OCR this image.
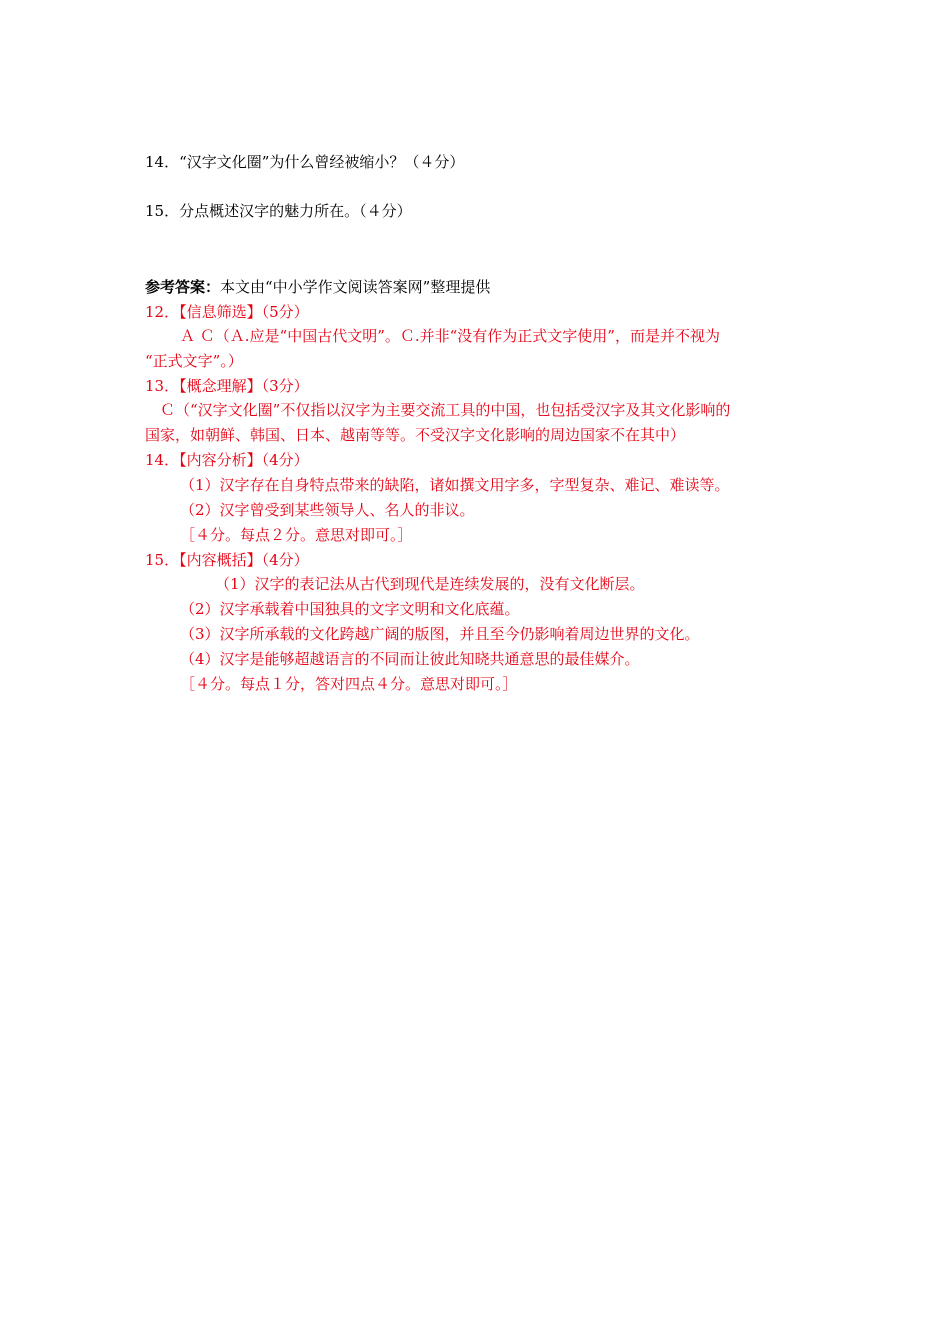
14．“汉字文化圈”为什么曾经被缩小？（４分）
15．分点概述汉字的魅力所在。（４分）
参考答案：本文由“中小学作文阅读答案网”整理提供
12．【信息筛选】（5分）
Ａ Ｃ（Ａ.应是“中国古代文明”。Ｃ.并非“没有作为正式文字使用”，而是并不视为
“正式文字”。）
13．【概念理解】（3分）
Ｃ（“汉字文化圈”不仅指以汉字为主要交流工具的中国，也包括受汉字及其文化影响的
国家，如朝鲜、韩国、日本、越南等等。不受汉字文化影响的周边国家不在其中）
14．【内容分析】（4分）
（1）汉字存在自身特点带来的缺陷，诸如撰文用字多，字型复杂、难记、难读等。
（2）汉字曾受到某些领导人、名人的非议。
［４分。每点２分。意思对即可。］
15．【内容概括】（4分）
（1）汉字的表记法从古代到现代是连续发展的，没有文化断层。
（2）汉字承载着中国独具的文字文明和文化底蕴。
（3）汉字所承载的文化跨越广阔的版图，并且至今仍影响着周边世界的文化。
（4）汉字是能够超越语言的不同而让彼此知晓共通意思的最佳媒介。
［４分。每点１分，答对四点４分。意思对即可。］
